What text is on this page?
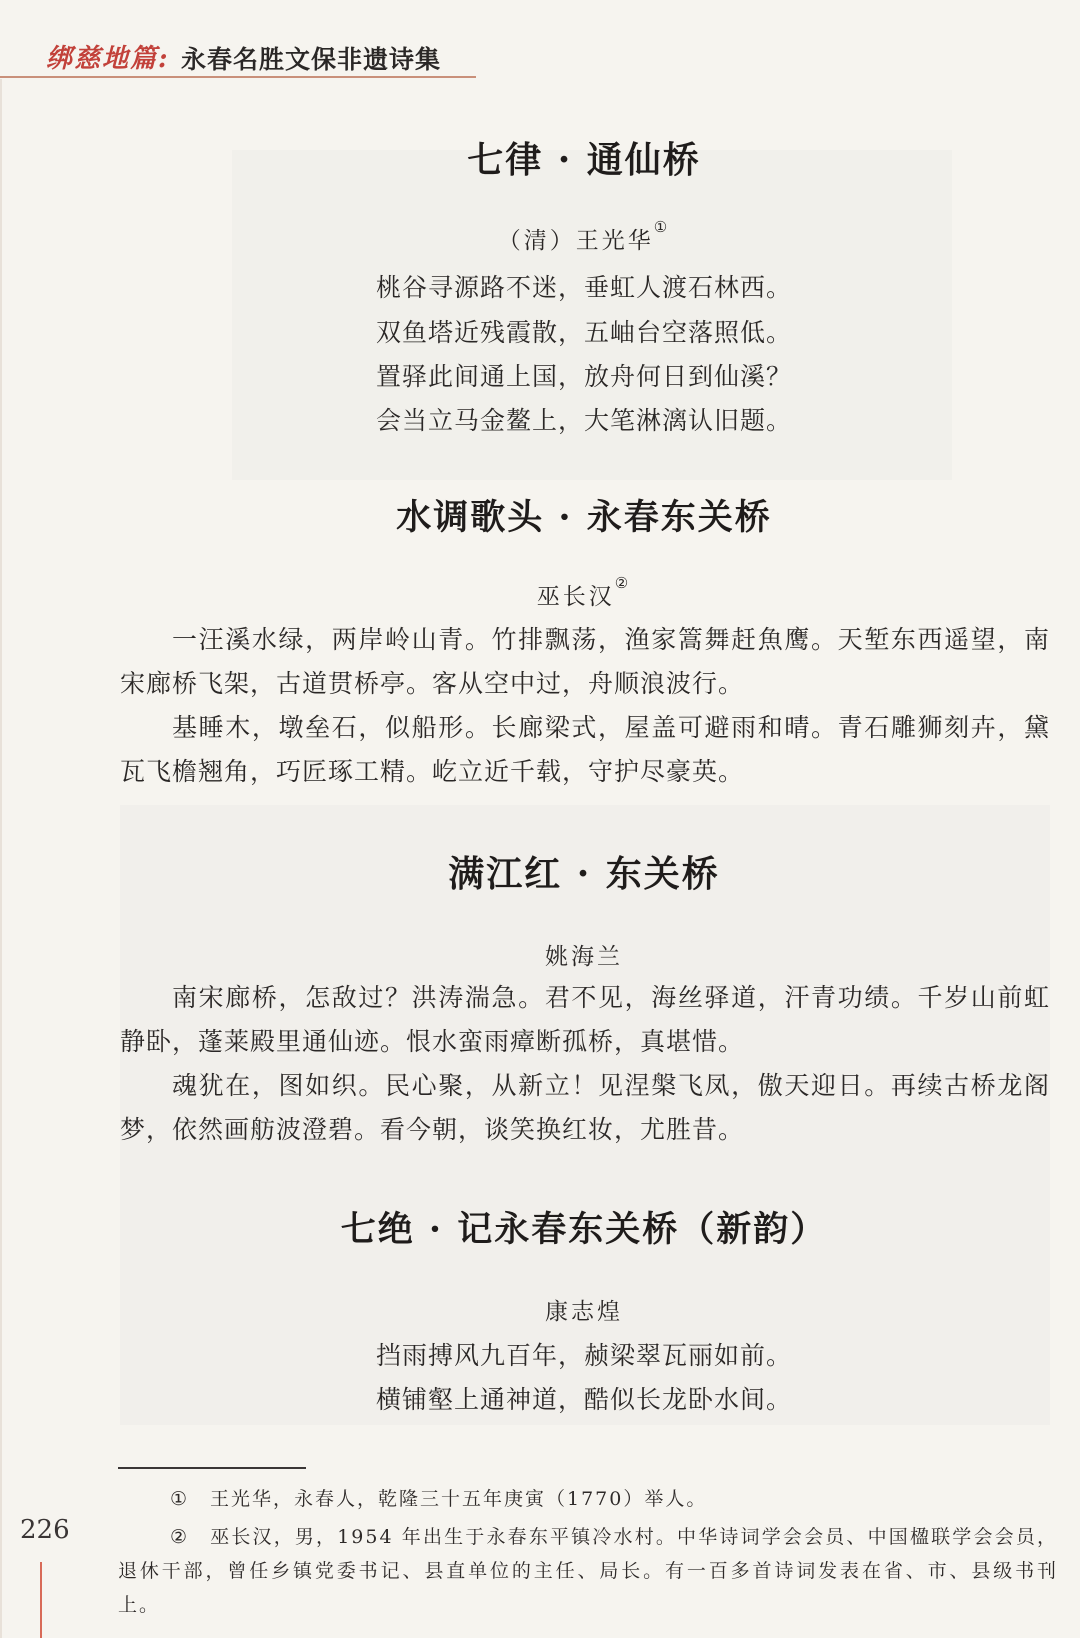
绑慈地篇: 永春名胜文保非遗诗集
七律 · 通仙桥
（清）王光华①
桃谷寻源路不迷，垂虹人渡石林西。
双鱼塔近残霞散，五岫台空落照低。
置驿此间通上国，放舟何日到仙溪？
会当立马金鳌上，大笔淋漓认旧题。
水调歌头 · 永春东关桥
巫长汉②

一汪溪水绿，两岸岭山青。竹排飘荡，渔家篙舞赶魚鹰。天堑东西遥望，南宋廊桥飞架，古道贯桥亭。客从空中过，舟顺浪波行。

基睡木，墩垒石，似船形。长廊梁式，屋盖可避雨和晴。青石雕狮刻卉，黛瓦飞檐翘角，巧匠琢工精。屹立近千载，守护尽豪英。

满江红 · 东关桥
姚海兰

南宋廊桥，怎敌过？洪涛湍急。君不见，海丝驿道，汗青功绩。千岁山前虹静卧，蓬莱殿里通仙迹。恨水蛮雨瘴断孤桥，真堪惜。

魂犹在，图如织。民心聚，从新立！见涅槃飞凤，傲天迎日。再续古桥龙阁梦，依然画舫波澄碧。看今朝，谈笑换红妆，尤胜昔。

七绝 · 记永春东关桥（新韵）
康志煌
挡雨搏风九百年，赪梁翠瓦丽如前。
横铺壑上通神道，酷似长龙卧水间。

① 王光华，永春人，乾隆三十五年庚寅（1770）举人。

② 巫长汉，男，1954 年出生于永春东平镇冷水村。中华诗词学会会员、中国楹联学会会员，退休干部，曾任乡镇党委书记、县直单位的主任、局长。有一百多首诗词发表在省、市、县级书刊上。

226
